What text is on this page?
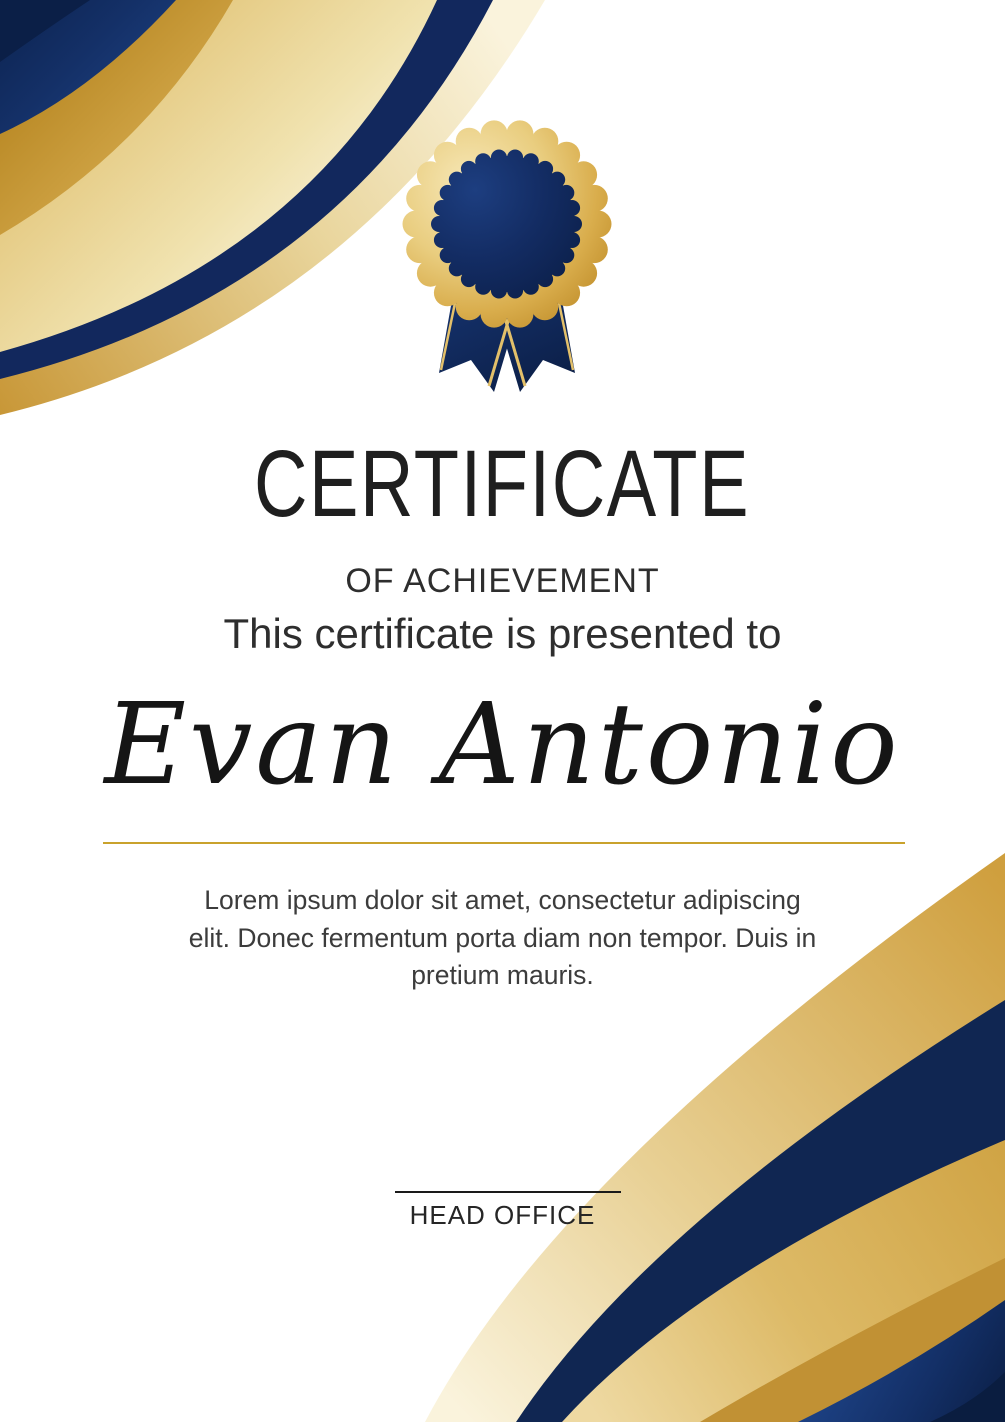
CERTIFICATE
OF ACHIEVEMENT
This certificate is presented to
Evan Antonio
Lorem ipsum dolor sit amet, consectetur adipiscing
elit. Donec fermentum porta diam non tempor. Duis in
pretium mauris.
HEAD OFFICE
